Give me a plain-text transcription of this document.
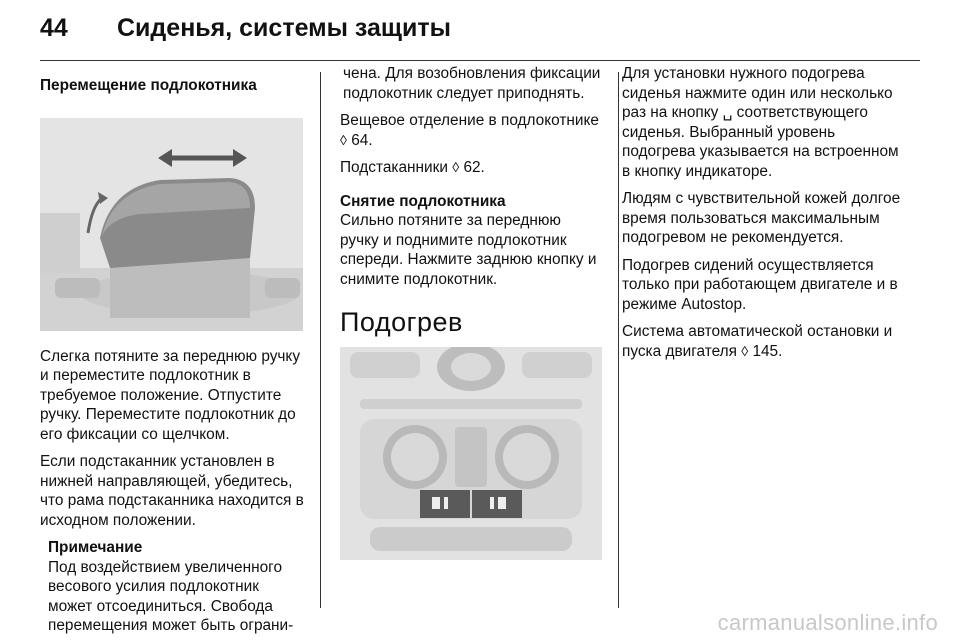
44 Сиденья, системы защиты
Перемещение подлокотника

Слегка потяните за переднюю ручку и переместите подлокотник в требуемое положение. Отпустите ручку. Переместите подлокотник до его фиксации со щелчком.

Если подстаканник установлен в нижней направляющей, убедитесь, что рама подстаканника находится в исходном положении.

Примечание
Под воздействием увеличенного весового усилия подлокотник может отсоединиться. Свобода перемещения может быть ограни-

чена. Для возобновления фиксации подлокотник следует приподнять.

Вещевое отделение в подлокотнике ◊ 64.

Подстаканники ◊ 62.

Снятие подлокотника

Сильно потяните за переднюю ручку и поднимите подлокотник спереди. Нажмите заднюю кнопку и снимите подлокотник.

Подогрев

Для установки нужного подогрева сиденья нажмите один или несколько раз на кнопку ␣ соответствующего сиденья. Выбранный уровень подогрева указывается на встроенном в кнопку индикаторе.

Людям с чувствительной кожей долгое время пользоваться максимальным подогревом не рекомендуется.

Подогрев сидений осуществляется только при работающем двигателе и в режиме Autostop.

Система автоматической остановки и пуска двигателя ◊ 145.

carmanualsonline.info
